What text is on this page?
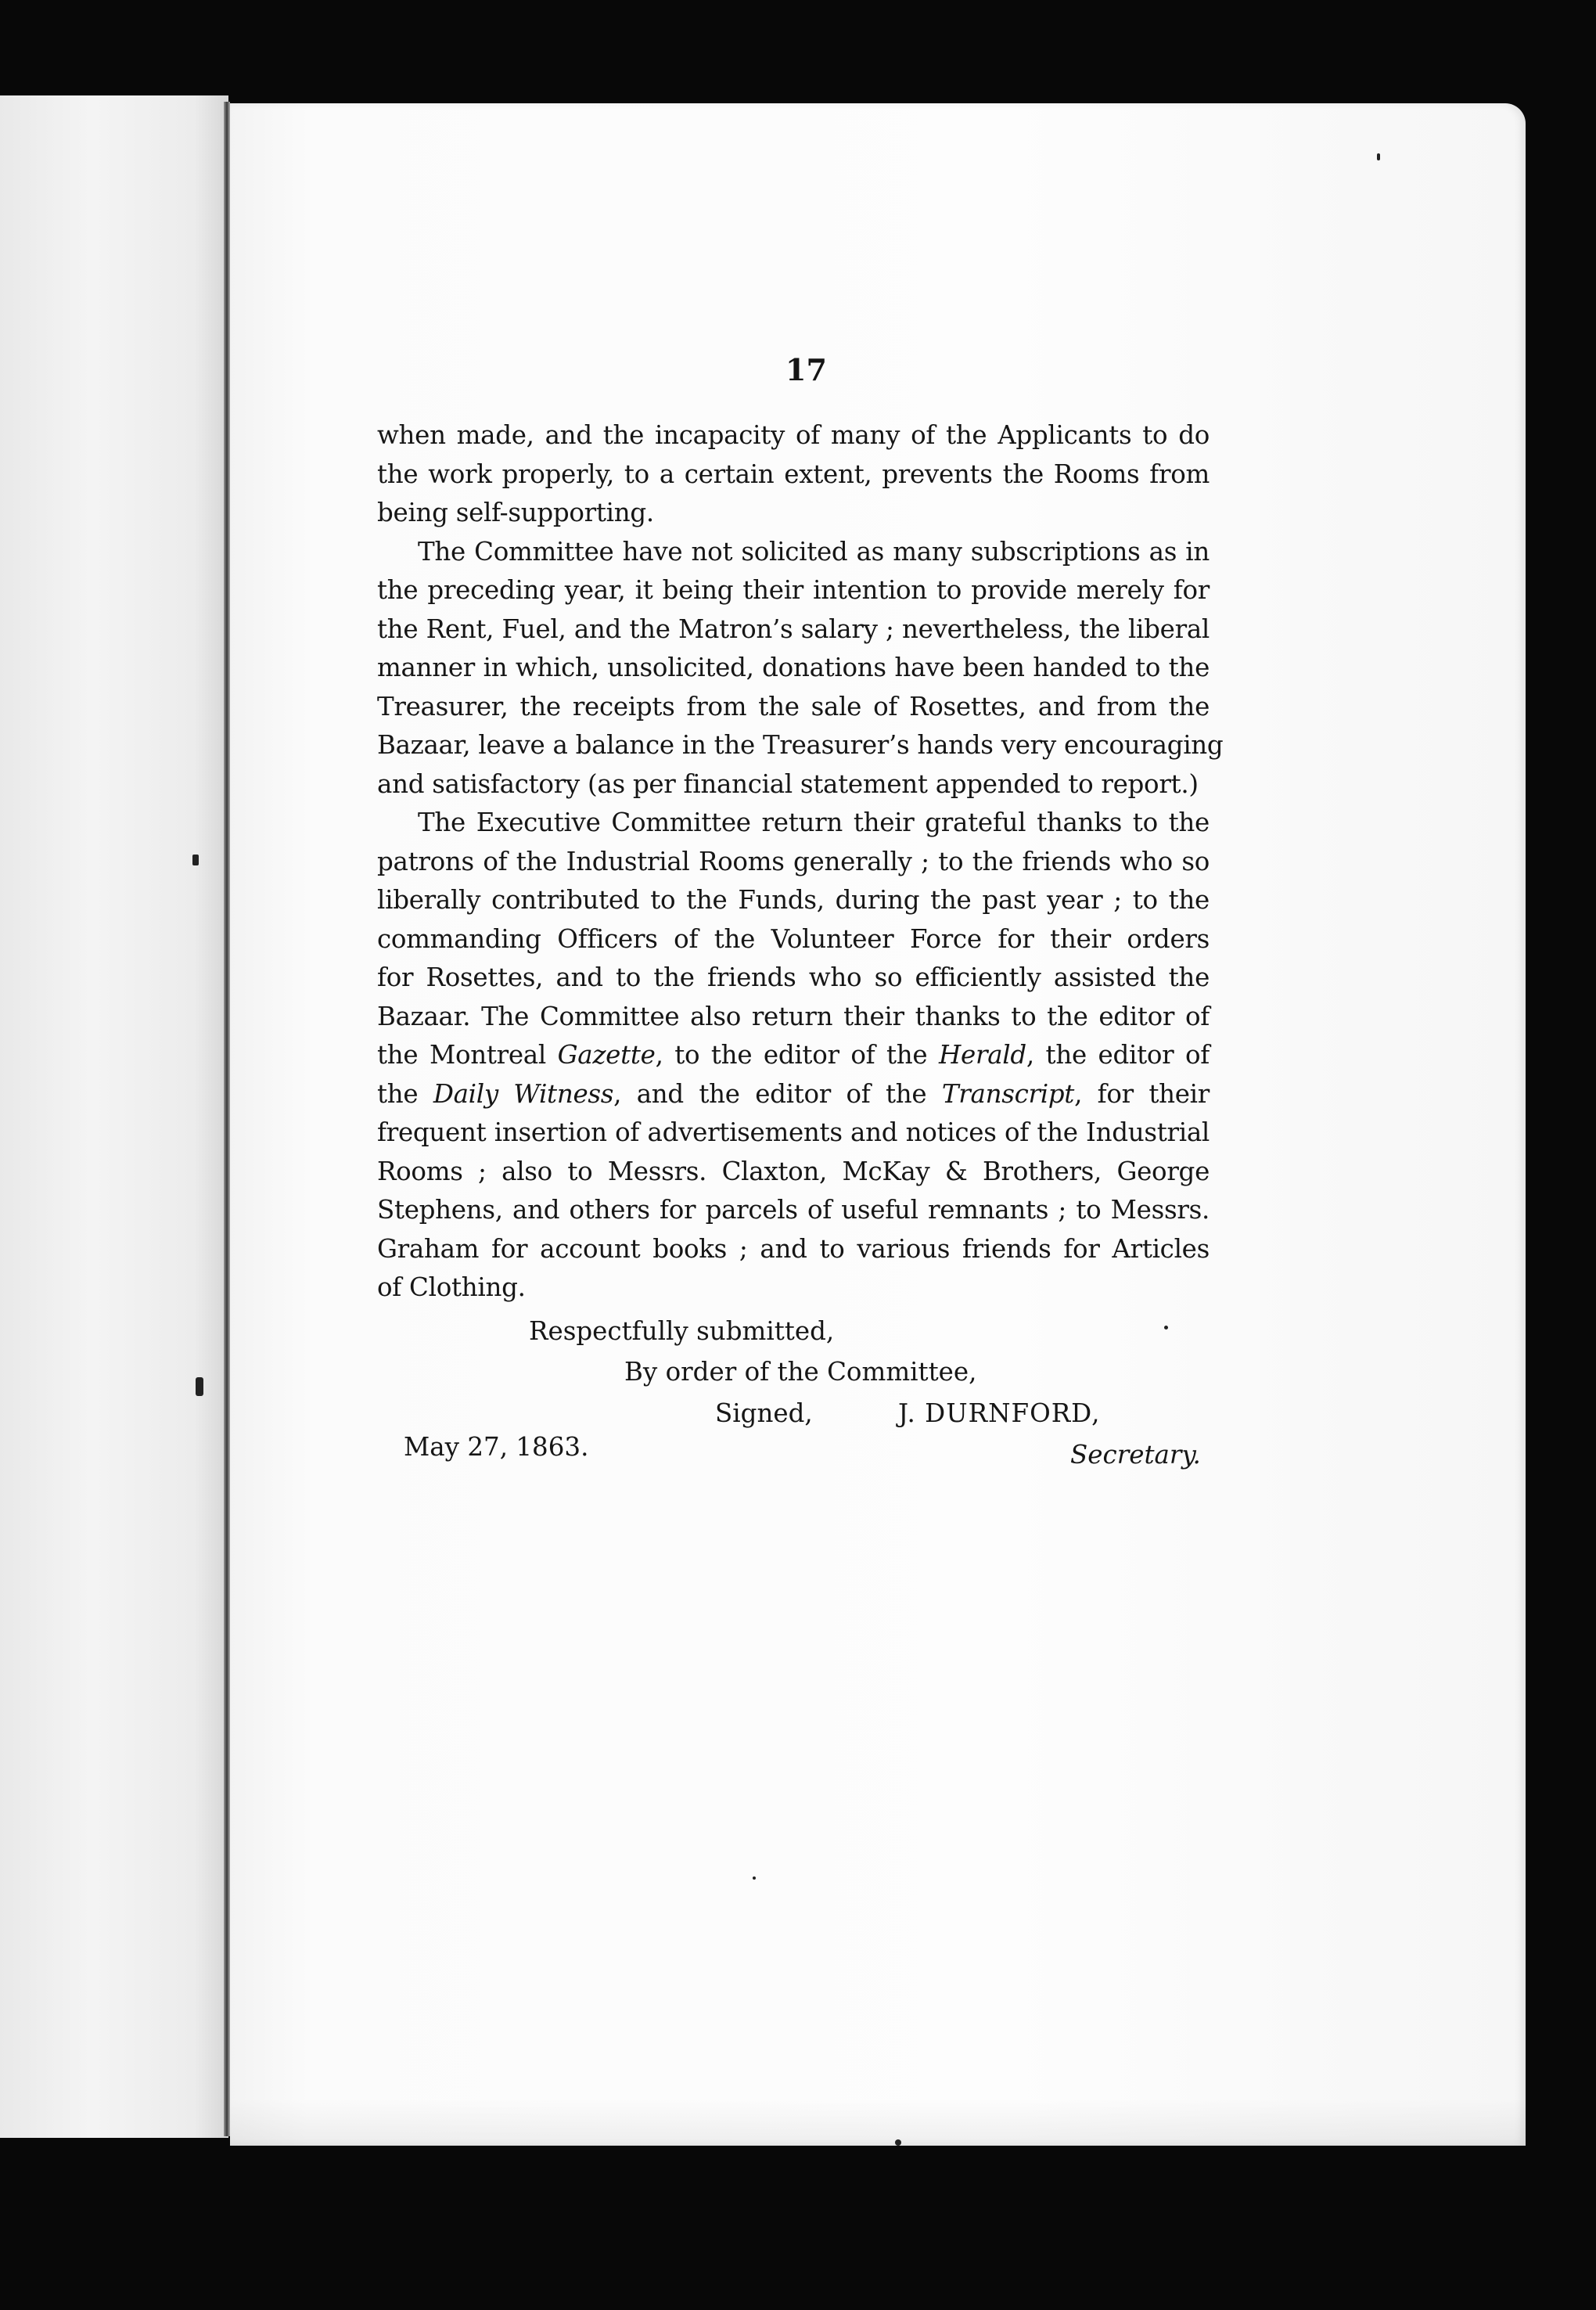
17

when made, and the incapacity of many of the Applicants to do
the work properly, to a certain extent, prevents the Rooms from
being self-supporting.

The Committee have not solicited as many subscriptions as in
the preceding year, it being their intention to provide merely for
the Rent, Fuel, and the Matron’s salary ; nevertheless, the liberal
manner in which, unsolicited, donations have been handed to the
Treasurer, the receipts from the sale of Rosettes, and from the
Bazaar, leave a balance in the Treasurer’s hands very encouraging
and satisfactory (as per financial statement appended to report.)

The Executive Committee return their grateful thanks to the
patrons of the Industrial Rooms generally ; to the friends who so
liberally contributed to the Funds, during the past year ; to the
commanding Officers of the Volunteer Force for their orders
for Rosettes, and to the friends who so efficiently assisted the
Bazaar. The Committee also return their thanks to the editor of
the Montreal Gazette, to the editor of the Herald, the editor of
the Daily Witness, and the editor of the Transcript, for their
frequent insertion of advertisements and notices of the Industrial
Rooms ; also to Messrs. Claxton, McKay & Brothers, George
Stephens, and others for parcels of useful remnants ; to Messrs.
Graham for account books ; and to various friends for Articles
of Clothing.

Respectfully submitted,
By order of the Committee,
Signed,	J. DURNFORD,
May 27, 1863.	Secretary.
